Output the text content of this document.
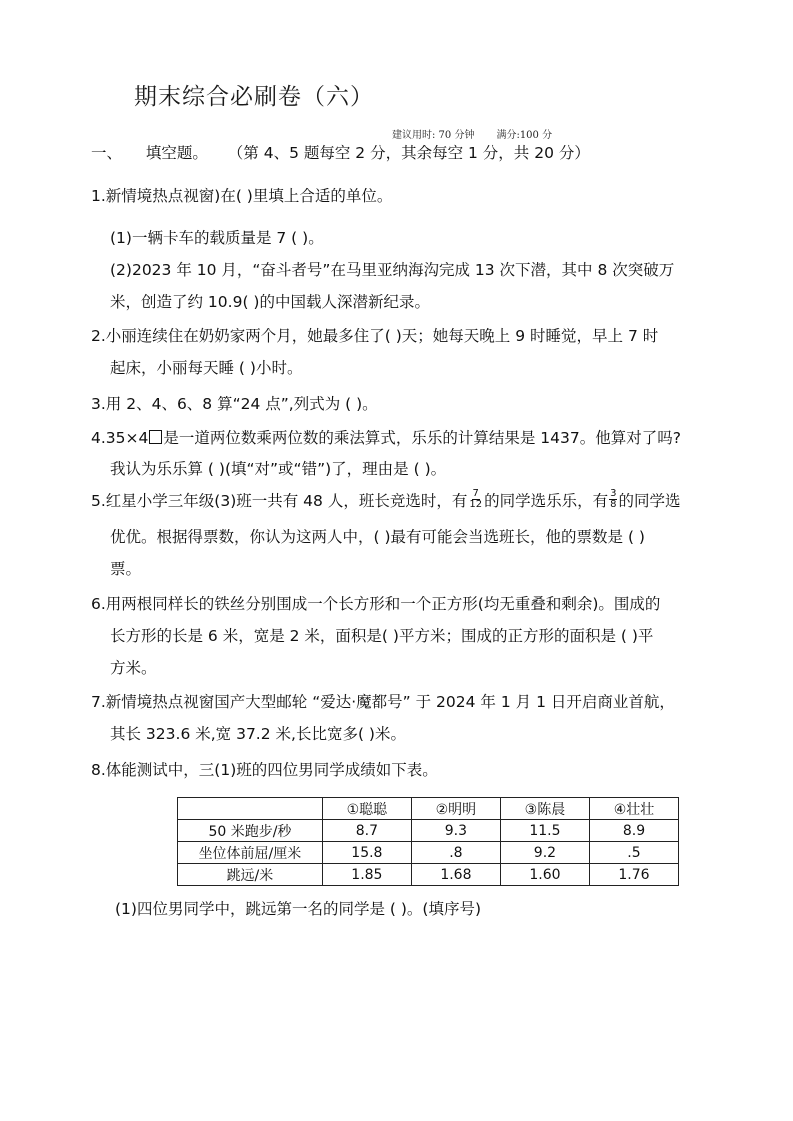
期末综合必刷卷（六）
建议用时: 70 分钟 满分:100 分
一、 填空题。 （第 4、5 题每空 2 分，其余每空 1 分，共 20 分）
1.新情境热点视窗)在( )里填上合适的单位。
(1)一辆卡车的载质量是 7 ( )。
(2)2023 年 10 月，“奋斗者号”在马里亚纳海沟完成 13 次下潜，其中 8 次突破万
米，创造了约 10.9( )的中国载人深潜新纪录。
2.小丽连续住在奶奶家两个月，她最多住了( )天；她每天晚上 9 时睡觉，早上 7 时
起床，小丽每天睡 ( )小时。
3.用 2、4、6、8 算“24 点”,列式为 ( )。
4.35×4 是一道两位数乘两位数的乘法算式，乐乐的计算结果是 1437。他算对了吗?
我认为乐乐算 ( )(填“对”或“错”)了，理由是 ( )。
5.红星小学三年级(3)班一共有 48 人，班长竞选时，有 $\frac{7}{12}$ 的同学选乐乐，有 $\frac{3}{8}$ 的同学选
优优。根据得票数，你认为这两人中，( )最有可能会当选班长，他的票数是 ( )
票。
6.用两根同样长的铁丝分别围成一个长方形和一个正方形(均无重叠和剩余)。围成的
长方形的长是 6 米，宽是 2 米，面积是( )平方米；围成的正方形的面积是 ( )平
方米。
7.新情境热点视窗国产大型邮轮 “爱达·魔都号” 于 2024 年 1 月 1 日开启商业首航，
其长 323.6 米,宽 37.2 米,长比宽多( )米。
8.体能测试中，三(1)班的四位男同学成绩如下表。
	①聪聪	②明明	③陈晨	④壮壮
50 米跑步/秒	8.7	9.3	11.5	8.9
坐位体前屈/厘米	15.8	.8	9.2	.5
跳远/米	1.85	1.68	1.60	1.76
(1)四位男同学中，跳远第一名的同学是 ( )。(填序号)
